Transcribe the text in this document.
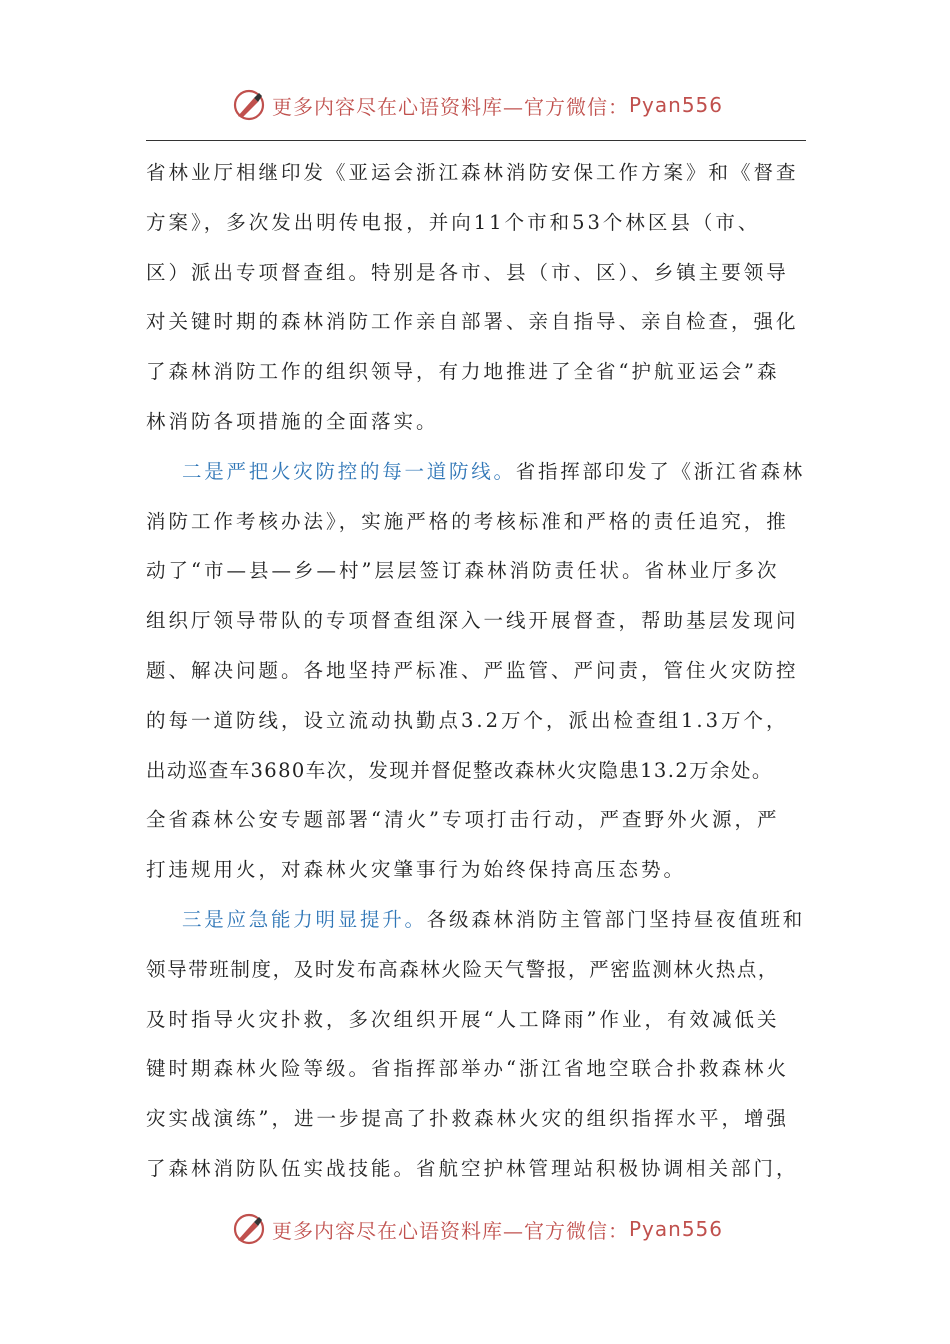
更多内容尽在心语资料库—官方微信： Pyan556
省林业厅相继印发《亚运会浙江森林消防安保工作方案》和《督查
方案》，多次发出明传电报，并向11个市和53个林区县（市、
区）派出专项督查组。特别是各市、县（市、区）、乡镇主要领导
对关键时期的森林消防工作亲自部署、亲自指导、亲自检查，强化
了森林消防工作的组织领导，有力地推进了全省“护航亚运会”森
林消防各项措施的全面落实。
二是严把火灾防控的每一道防线。省指挥部印发了《浙江省森林
消防工作考核办法》，实施严格的考核标准和严格的责任追究，推
动了“市—县—乡—村”层层签订森林消防责任状。省林业厅多次
组织厅领导带队的专项督查组深入一线开展督查，帮助基层发现问
题、解决问题。各地坚持严标准、严监管、严问责，管住火灾防控
的每一道防线，设立流动执勤点3.2万个，派出检查组1.3万个，
出动巡查车3680车次，发现并督促整改森林火灾隐患13.2万余处。
全省森林公安专题部署“清火”专项打击行动，严查野外火源，严
打违规用火，对森林火灾肇事行为始终保持高压态势。
三是应急能力明显提升。各级森林消防主管部门坚持昼夜值班和
领导带班制度，及时发布高森林火险天气警报，严密监测林火热点，
及时指导火灾扑救，多次组织开展“人工降雨”作业，有效减低关
键时期森林火险等级。省指挥部举办“浙江省地空联合扑救森林火
灾实战演练”，进一步提高了扑救森林火灾的组织指挥水平，增强
了森林消防队伍实战技能。省航空护林管理站积极协调相关部门，
更多内容尽在心语资料库—官方微信： Pyan556
